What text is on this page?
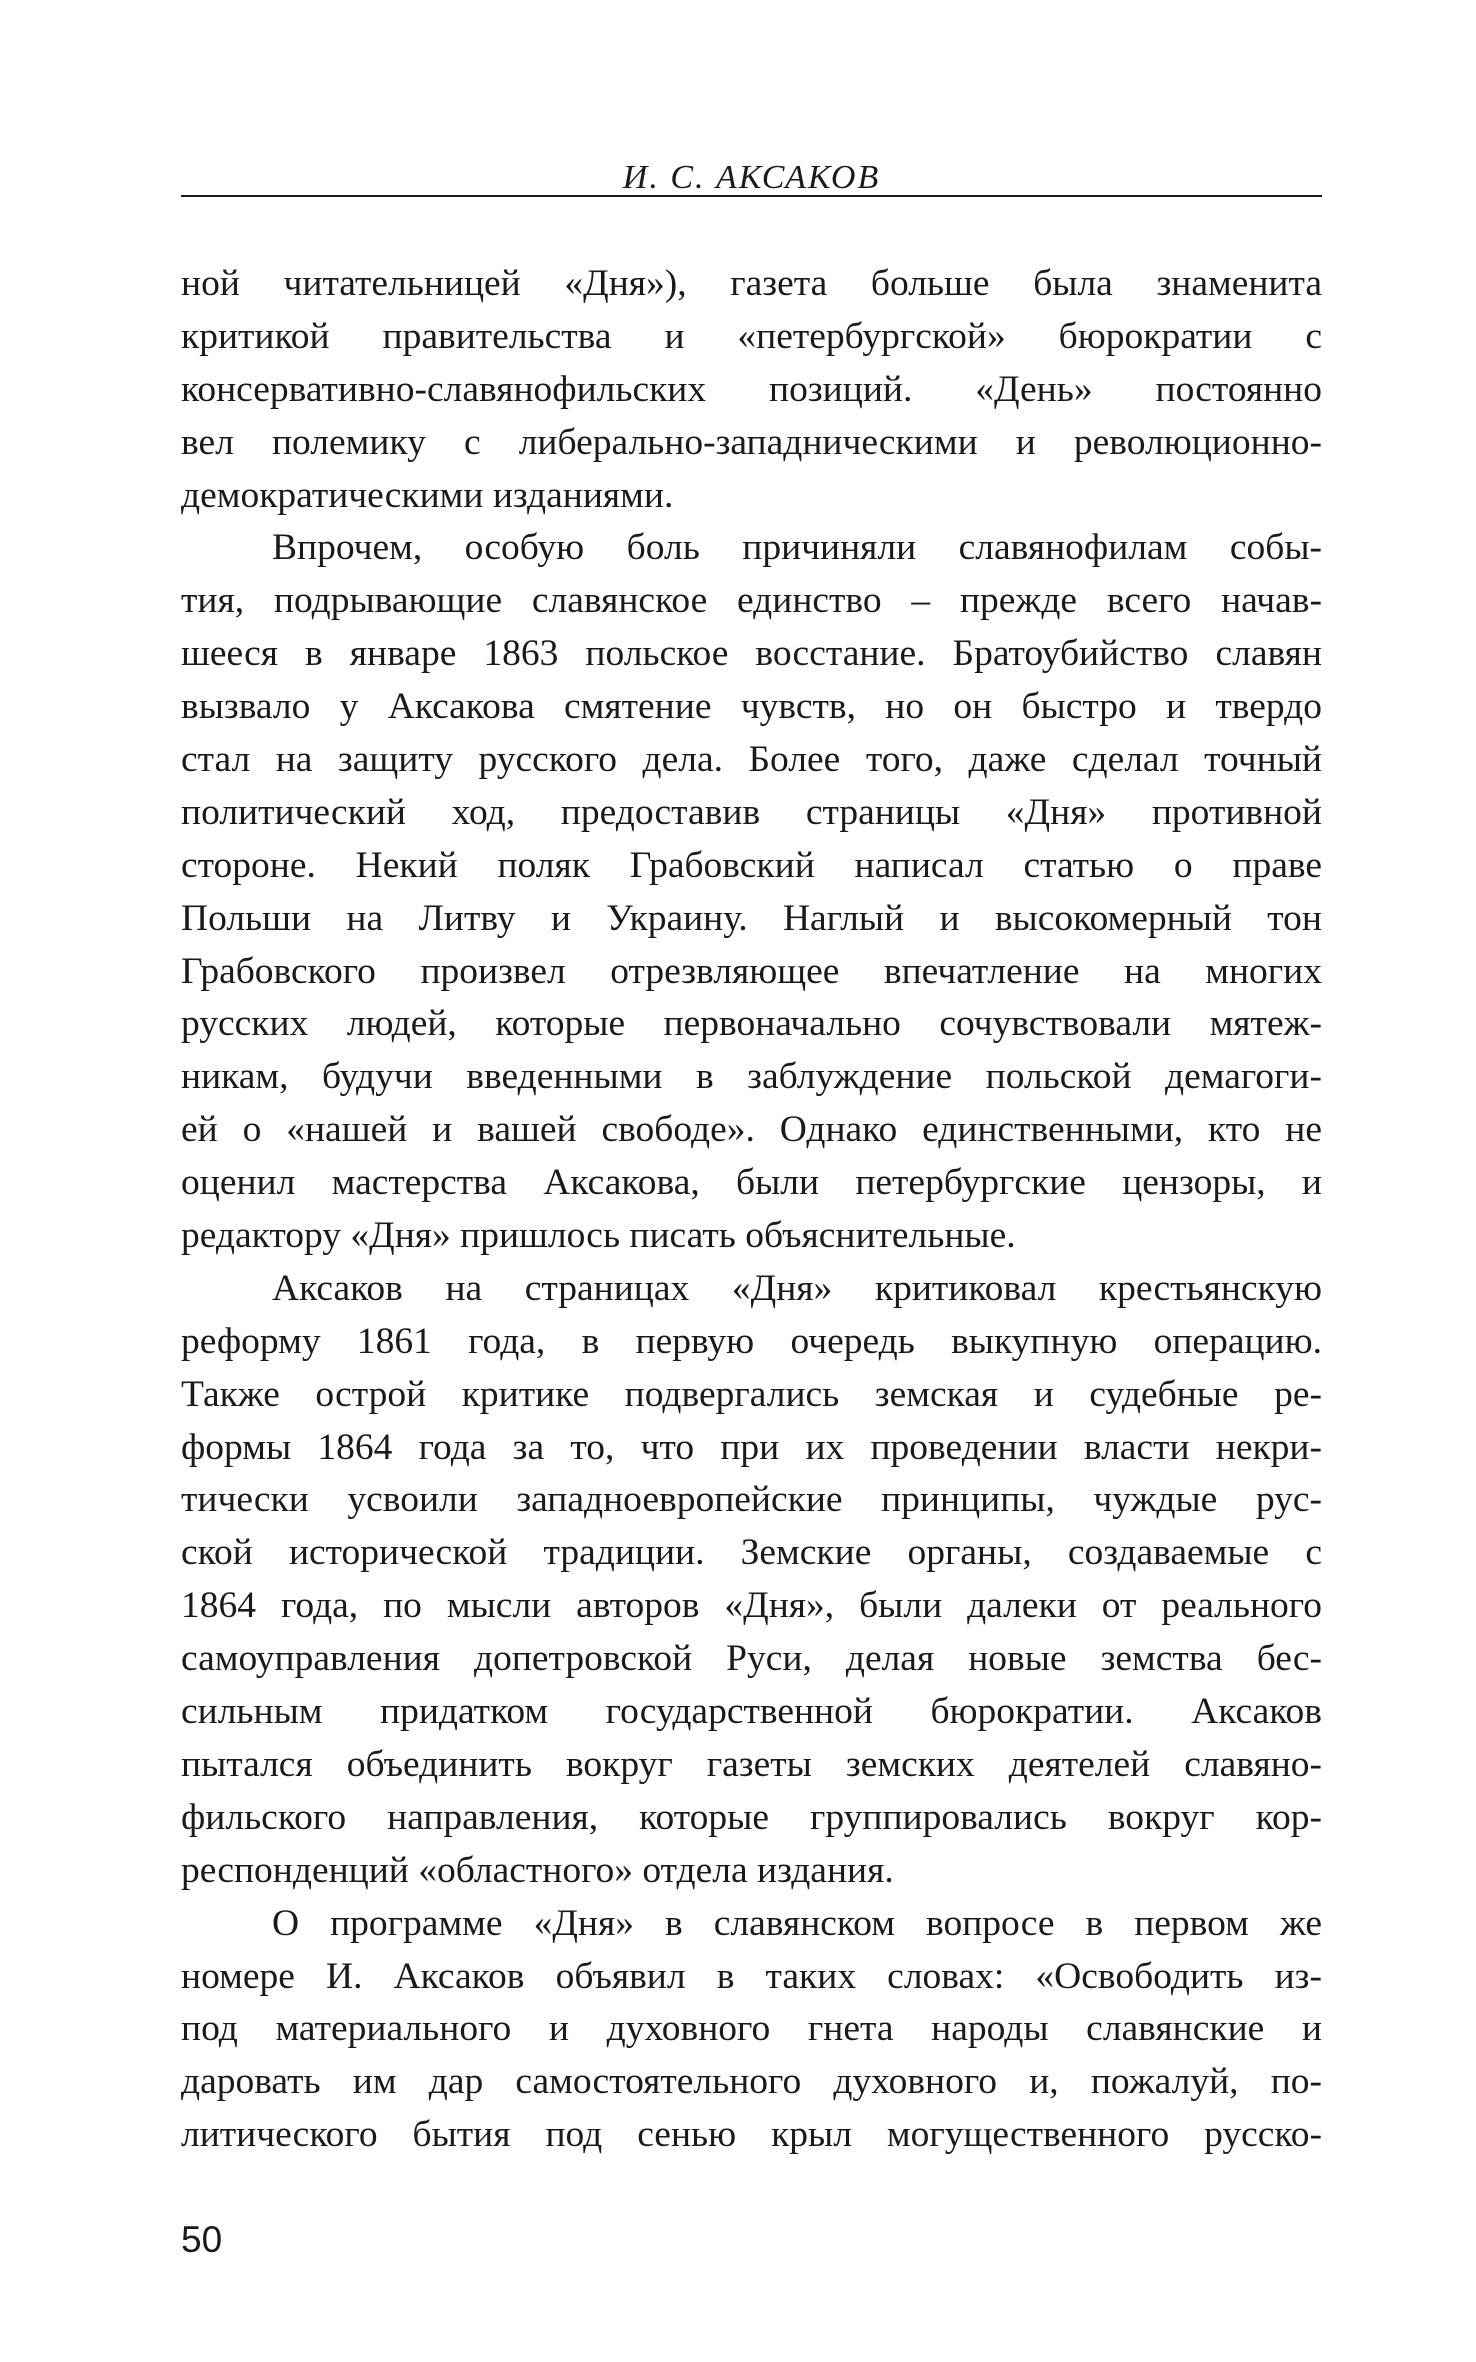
И. С. АКСАКОВ
ной читательницей «Дня»), газета больше была знаменита
критикой правительства и «петербургской» бюрократии с
консервативно-славянофильских позиций. «День» постоянно
вел полемику с либерально-западническими и революционно-
демократическими изданиями.
Впрочем, особую боль причиняли славянофилам собы-
тия, подрывающие славянское единство – прежде всего начав-
шееся в январе 1863 польское восстание. Братоубийство славян
вызвало у Аксакова смятение чувств, но он быстро и твердо
стал на защиту русского дела. Более того, даже сделал точный
политический ход, предоставив страницы «Дня» противной
стороне. Некий поляк Грабовский написал статью о праве
Польши на Литву и Украину. Наглый и высокомерный тон
Грабовского произвел отрезвляющее впечатление на многих
русских людей, которые первоначально сочувствовали мятеж-
никам, будучи введенными в заблуждение польской демагоги-
ей о «нашей и вашей свободе». Однако единственными, кто не
оценил мастерства Аксакова, были петербургские цензоры, и
редактору «Дня» пришлось писать объяснительные.
Аксаков на страницах «Дня» критиковал крестьянскую
реформу 1861 года, в первую очередь выкупную операцию.
Также острой критике подвергались земская и судебные ре-
формы 1864 года за то, что при их проведении власти некри-
тически усвоили западноевропейские принципы, чуждые рус-
ской исторической традиции. Земские органы, создаваемые с
1864 года, по мысли авторов «Дня», были далеки от реального
самоуправления допетровской Руси, делая новые земства бес-
сильным придатком государственной бюрократии. Аксаков
пытался объединить вокруг газеты земских деятелей славяно-
фильского направления, которые группировались вокруг кор-
респонденций «областного» отдела издания.
О программе «Дня» в славянском вопросе в первом же
номере И. Аксаков объявил в таких словах: «Освободить из-
под материального и духовного гнета народы славянские и
даровать им дар самостоятельного духовного и, пожалуй, по-
литического бытия под сенью крыл могущественного русско-
50
